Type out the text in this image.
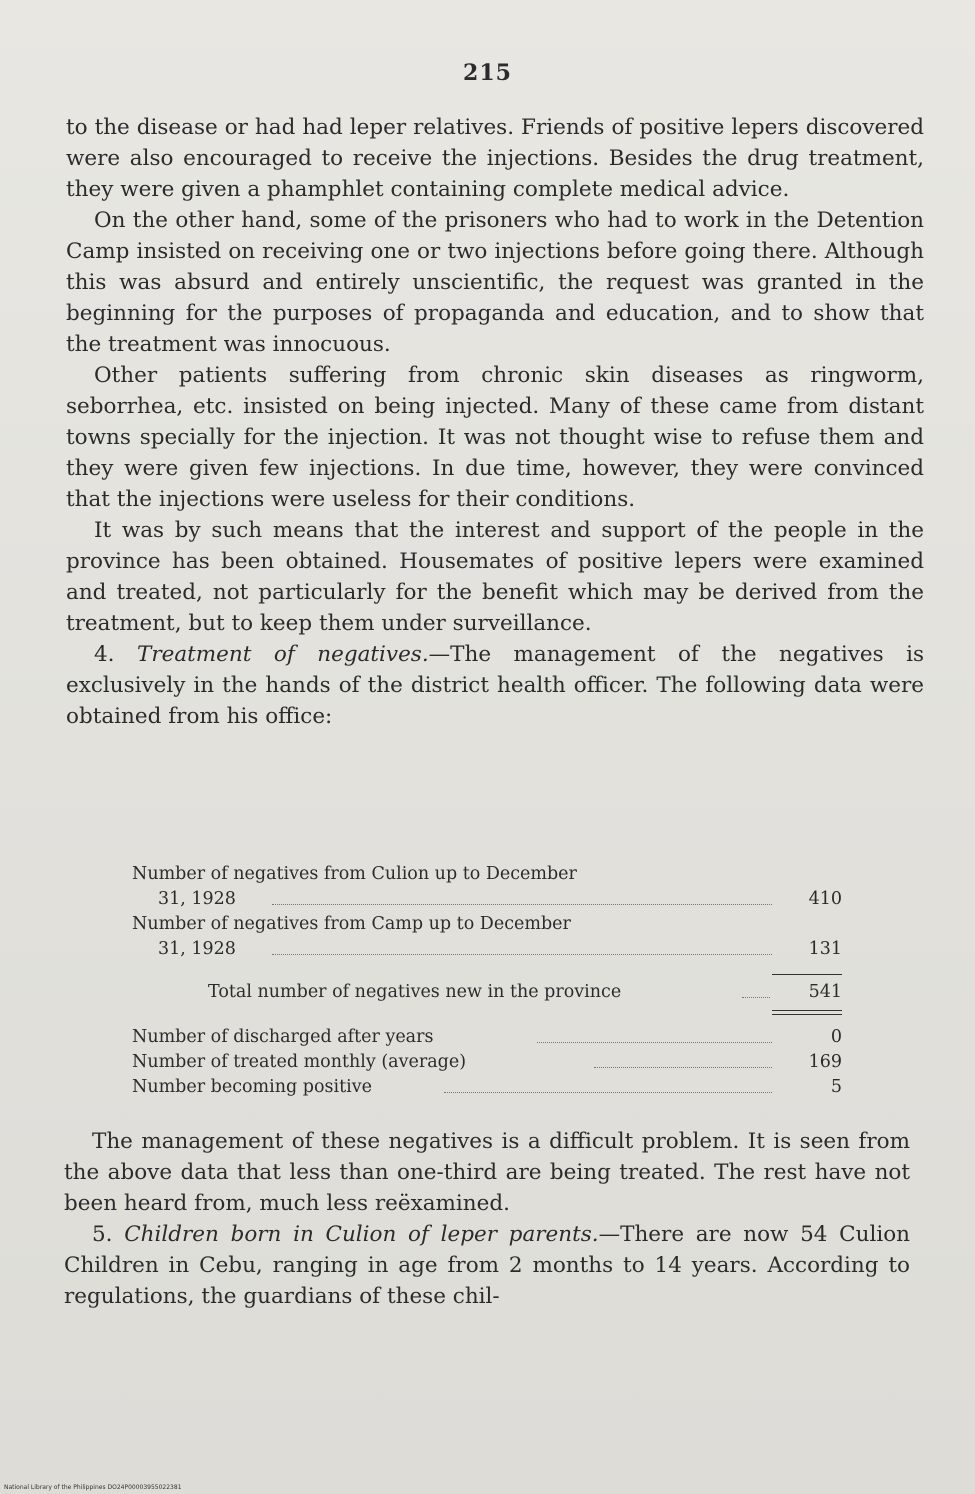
215

to the disease or had had leper relatives. Friends of positive lepers discovered were also encouraged to receive the injections. Besides the drug treatment, they were given a phamphlet containing complete medical advice.

On the other hand, some of the prisoners who had to work in the Detention Camp insisted on receiving one or two injections before going there. Although this was absurd and entirely unscientific, the request was granted in the beginning for the purposes of propaganda and education, and to show that the treatment was innocuous.

Other patients suffering from chronic skin diseases as ringworm, seborrhea, etc. insisted on being injected. Many of these came from distant towns specially for the injection. It was not thought wise to refuse them and they were given few injections. In due time, however, they were convinced that the injections were useless for their conditions.

It was by such means that the interest and support of the people in the province has been obtained. Housemates of positive lepers were examined and treated, not particularly for the benefit which may be derived from the treatment, but to keep them under surveillance.

4. Treatment of negatives.—The management of the negatives is exclusively in the hands of the district health officer. The following data were obtained from his office:

Number of negatives from Culion up to December
31, 1928	410
Number of negatives from Camp up to December
31, 1928	131
Total number of negatives new in the province	541
Number of discharged after years	0
Number of treated monthly (average)	169
Number becoming positive	5

The management of these negatives is a difficult problem. It is seen from the above data that less than one-third are being treated. The rest have not been heard from, much less reëxamined.

5. Children born in Culion of leper parents.—There are now 54 Culion Children in Cebu, ranging in age from 2 months to 14 years. According to regulations, the guardians of these chil-

National Library of the Philippines DO24P00003955022381
